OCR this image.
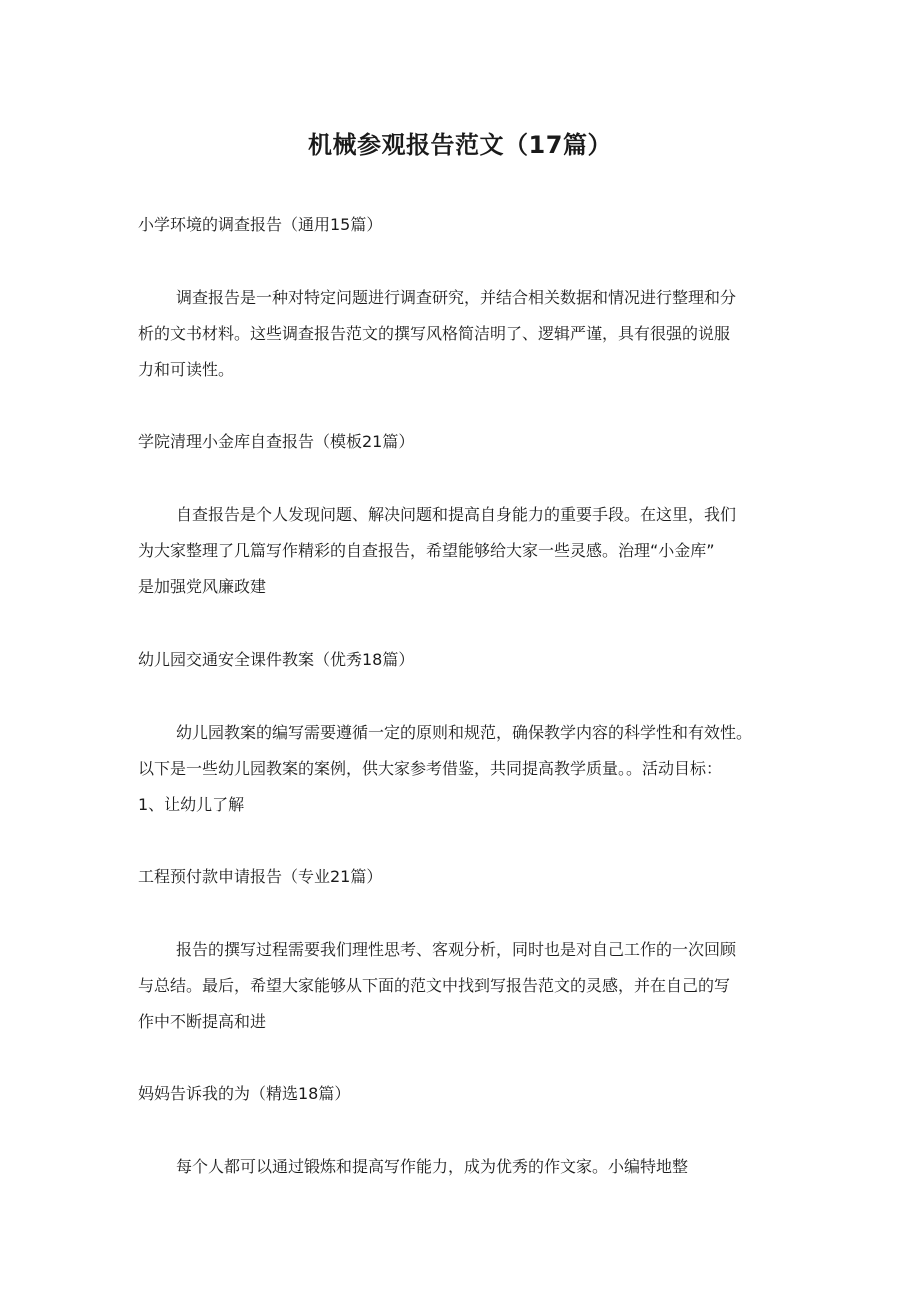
机械参观报告范文（17篇）
小学环境的调查报告（通用15篇）
调查报告是一种对特定问题进行调查研究，并结合相关数据和情况进行整理和分
析的文书材料。这些调查报告范文的撰写风格简洁明了、逻辑严谨，具有很强的说服
力和可读性。
学院清理小金库自查报告（模板21篇）
自查报告是个人发现问题、解决问题和提高自身能力的重要手段。在这里，我们
为大家整理了几篇写作精彩的自查报告，希望能够给大家一些灵感。治理“小金库”
是加强党风廉政建
幼儿园交通安全课件教案（优秀18篇）
幼儿园教案的编写需要遵循一定的原则和规范，确保教学内容的科学性和有效性。
以下是一些幼儿园教案的案例，供大家参考借鉴，共同提高教学质量。。活动目标：
1、让幼儿了解
工程预付款申请报告（专业21篇）
报告的撰写过程需要我们理性思考、客观分析，同时也是对自己工作的一次回顾
与总结。最后，希望大家能够从下面的范文中找到写报告范文的灵感，并在自己的写
作中不断提高和进
妈妈告诉我的为（精选18篇）
每个人都可以通过锻炼和提高写作能力，成为优秀的作文家。小编特地整
